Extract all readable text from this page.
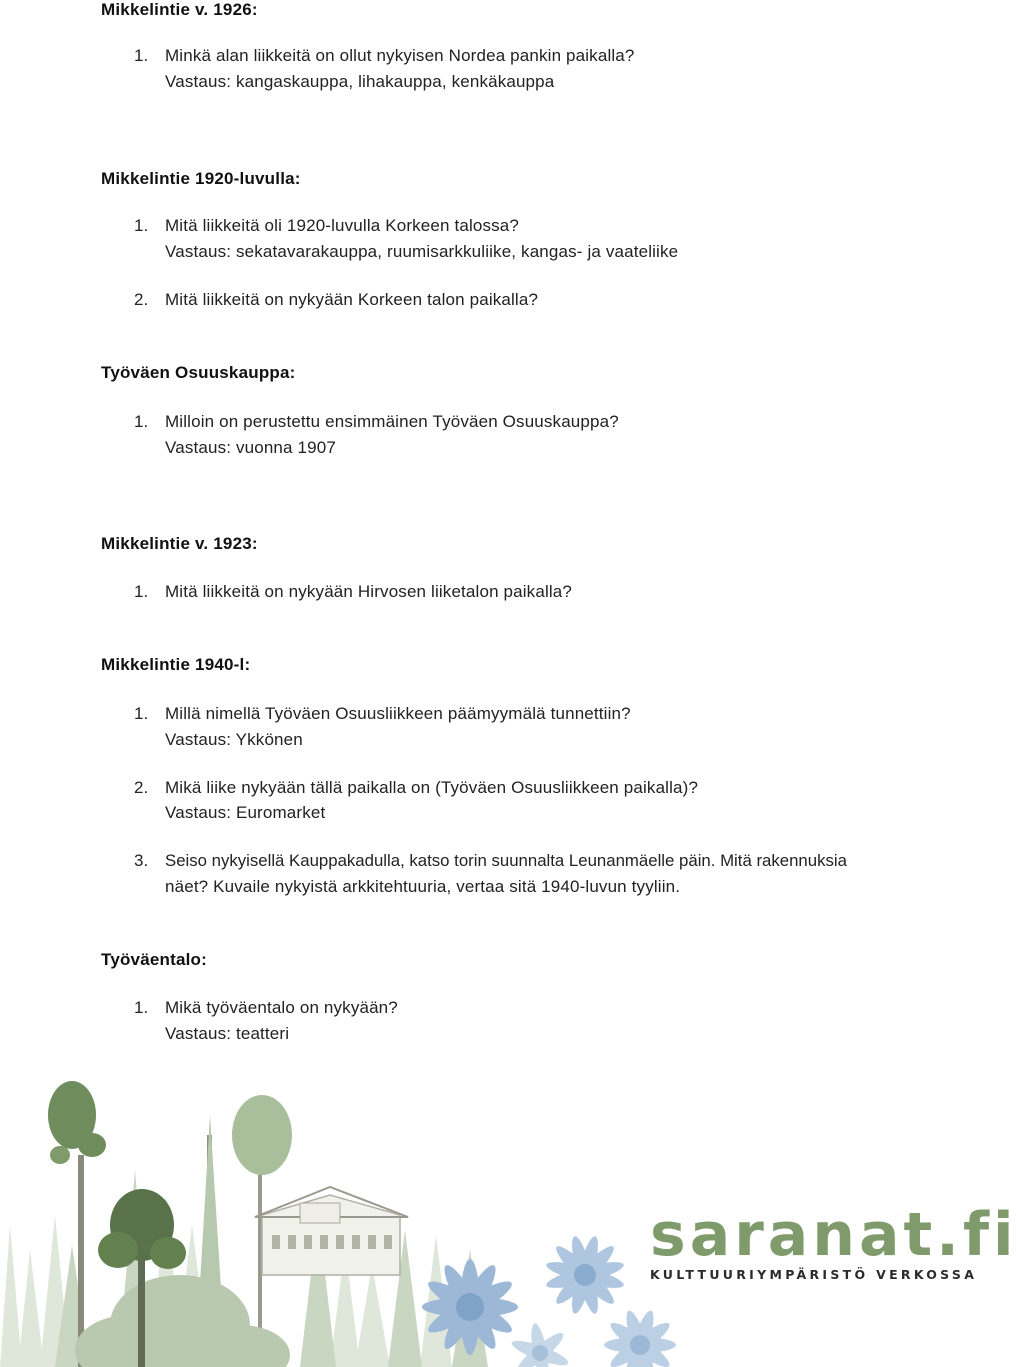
Mikkelintie v. 1926:
1. Minkä alan liikkeitä on ollut nykyisen Nordea pankin paikalla?
Vastaus: kangaskauppa, lihakauppa, kenkäkauppa
Mikkelintie 1920-luvulla:
1. Mitä liikkeitä oli 1920-luvulla Korkeen talossa?
Vastaus: sekatavarakauppa, ruumisarkkuliike, kangas- ja vaateliike
2. Mitä liikkeitä on nykyään Korkeen talon paikalla?
Työväen Osuuskauppa:
1. Milloin on perustettu ensimmäinen Työväen Osuuskauppa?
Vastaus: vuonna 1907
Mikkelintie v. 1923:
1. Mitä liikkeitä on nykyään Hirvosen liiketalon paikalla?
Mikkelintie 1940-l:
1. Millä nimellä Työväen Osuusliikkeen päämyymälä tunnettiin?
Vastaus: Ykkönen
2. Mikä liike nykyään tällä paikalla on (Työväen Osuusliikkeen paikalla)?
Vastaus: Euromarket
3. Seiso nykyisellä Kauppakadulla, katso torin suunnalta Leunanmäelle päin. Mitä rakennuksia
näet? Kuvaile nykyistä arkkitehtuuria, vertaa sitä 1940-luvun tyyliin.
Työväentalo:
1. Mikä työväentalo on nykyään?
Vastaus: teatteri
saranat.fi
KULTTUURIYMPÄRISTÖ VERKOSSA
